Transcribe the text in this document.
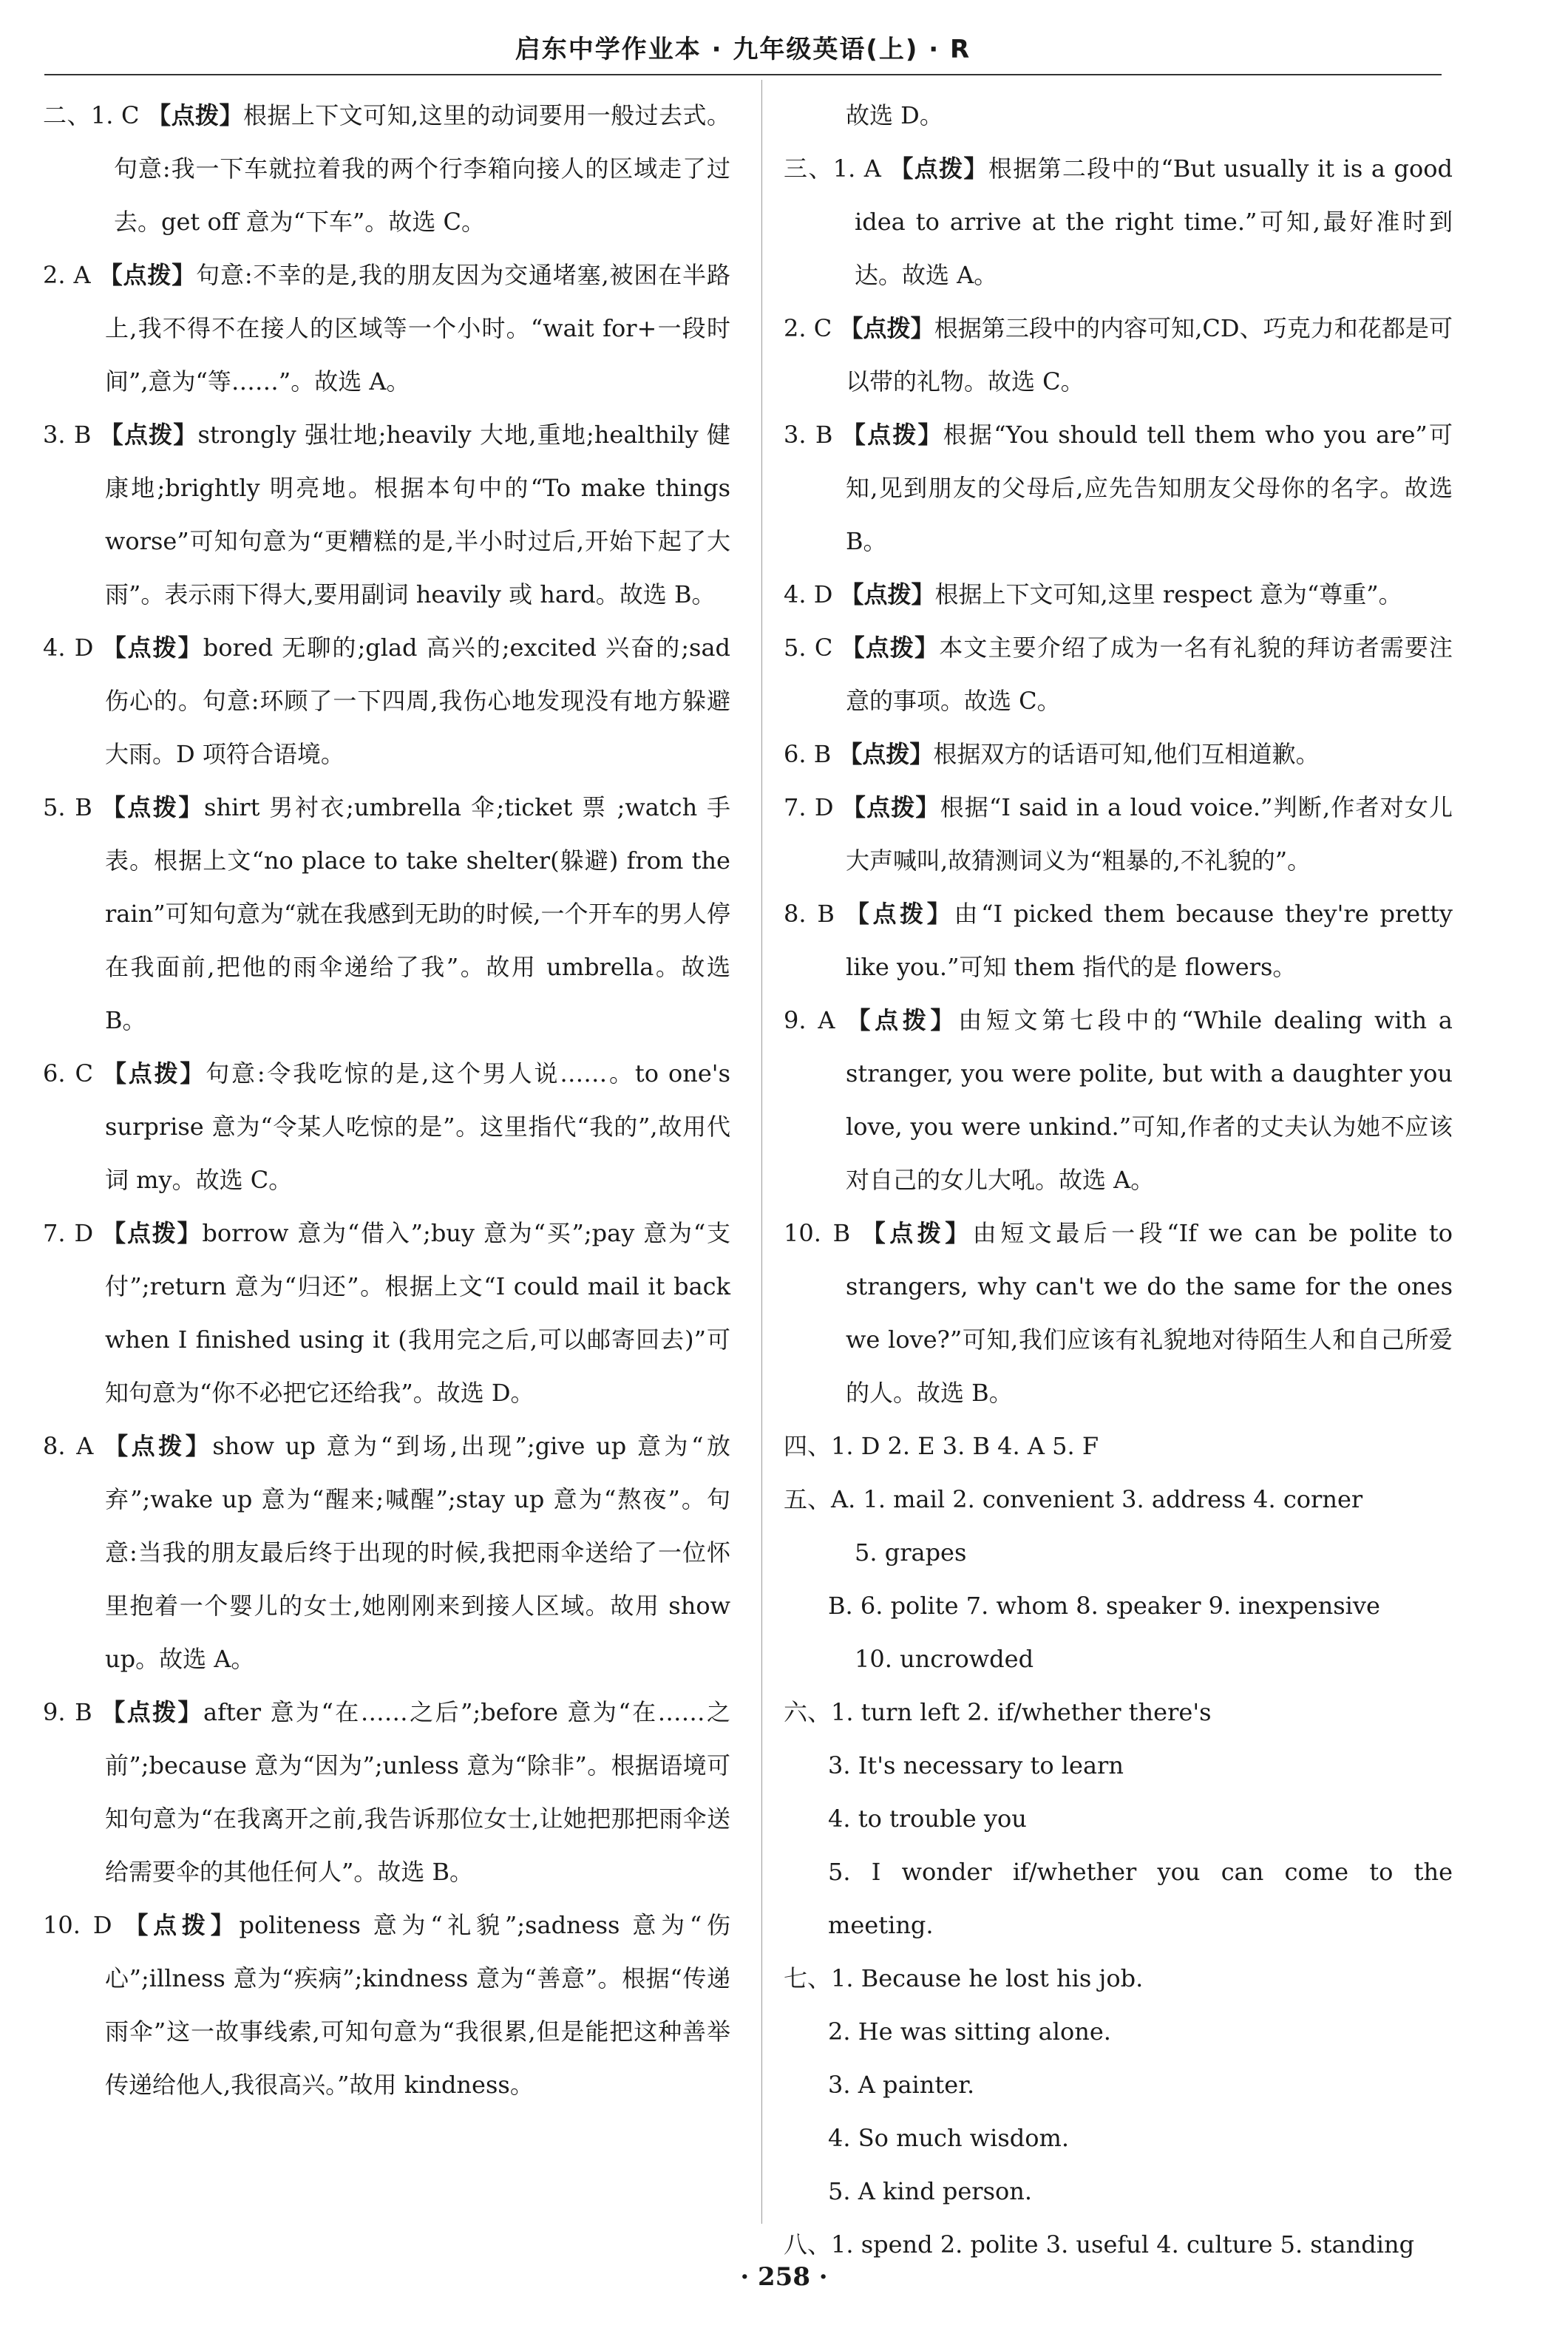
启东中学作业本 · 九年级英语(上) · R

二、1. C 【点拨】根据上下文可知,这里的动词要用一般过去式。句意:我一下车就拉着我的两个行李箱向接人的区域走了过去。get off 意为“下车”。故选 C。

2. A 【点拨】句意:不幸的是,我的朋友因为交通堵塞,被困在半路上,我不得不在接人的区域等一个小时。“wait for+一段时间”,意为“等……”。故选 A。

3. B 【点拨】strongly 强壮地;heavily 大地,重地;healthily 健康地;brightly 明亮地。根据本句中的“To make things worse”可知句意为“更糟糕的是,半小时过后,开始下起了大雨”。表示雨下得大,要用副词 heavily 或 hard。故选 B。

4. D 【点拨】bored 无聊的;glad 高兴的;excited 兴奋的;sad 伤心的。句意:环顾了一下四周,我伤心地发现没有地方躲避大雨。D 项符合语境。

5. B 【点拨】shirt 男衬衣;umbrella 伞;ticket 票 ;watch 手表。根据上文“no place to take shelter(躲避) from the rain”可知句意为“就在我感到无助的时候,一个开车的男人停在我面前,把他的雨伞递给了我”。故用 umbrella。故选 B。

6. C 【点拨】句意:令我吃惊的是,这个男人说……。to one's surprise 意为“令某人吃惊的是”。这里指代“我的”,故用代词 my。故选 C。

7. D 【点拨】borrow 意为“借入”;buy 意为“买”;pay 意为“支付”;return 意为“归还”。根据上文“I could mail it back when I finished using it (我用完之后,可以邮寄回去)”可知句意为“你不必把它还给我”。故选 D。

8. A 【点拨】show up 意为“到场,出现”;give up 意为“放弃”;wake up 意为“醒来;喊醒”;stay up 意为“熬夜”。句意:当我的朋友最后终于出现的时候,我把雨伞送给了一位怀里抱着一个婴儿的女士,她刚刚来到接人区域。故用 show up。故选 A。

9. B 【点拨】after 意为“在……之后”;before 意为“在……之前”;because 意为“因为”;unless 意为“除非”。根据语境可知句意为“在我离开之前,我告诉那位女士,让她把那把雨伞送给需要伞的其他任何人”。故选 B。

10. D 【点拨】politeness 意为“礼貌”;sadness 意为“伤心”;illness 意为“疾病”;kindness 意为“善意”。根据“传递雨伞”这一故事线索,可知句意为“我很累,但是能把这种善举传递给他人,我很高兴。”故用 kindness。

故选 D。

三、1. A 【点拨】根据第二段中的“But usually it is a good idea to arrive at the right time.”可知,最好准时到达。故选 A。

2. C 【点拨】根据第三段中的内容可知,CD、巧克力和花都是可以带的礼物。故选 C。

3. B 【点拨】根据“You should tell them who you are”可知,见到朋友的父母后,应先告知朋友父母你的名字。故选 B。

4. D 【点拨】根据上下文可知,这里 respect 意为“尊重”。

5. C 【点拨】本文主要介绍了成为一名有礼貌的拜访者需要注意的事项。故选 C。

6. B 【点拨】根据双方的话语可知,他们互相道歉。

7. D 【点拨】根据“I said in a loud voice.”判断,作者对女儿大声喊叫,故猜测词义为“粗暴的,不礼貌的”。

8. B 【点拨】由“I picked them because they're pretty like you.”可知 them 指代的是 flowers。

9. A 【点拨】由短文第七段中的“While dealing with a stranger, you were polite, but with a daughter you love, you were unkind.”可知,作者的丈夫认为她不应该对自己的女儿大吼。故选 A。

10. B 【点拨】由短文最后一段“If we can be polite to strangers, why can't we do the same for the ones we love?”可知,我们应该有礼貌地对待陌生人和自己所爱的人。故选 B。

四、1. D 2. E 3. B 4. A 5. F

五、A. 1. mail 2. convenient 3. address 4. corner

5. grapes

B. 6. polite 7. whom 8. speaker 9. inexpensive

10. uncrowded

六、1. turn left 2. if/whether there's

3. It's necessary to learn

4. to trouble you

5. I wonder if/whether you can come to the meeting.

七、1. Because he lost his job.

2. He was sitting alone.

3. A painter.

4. So much wisdom.

5. A kind person.

八、1. spend 2. polite 3. useful 4. culture 5. standing

· 258 ·
